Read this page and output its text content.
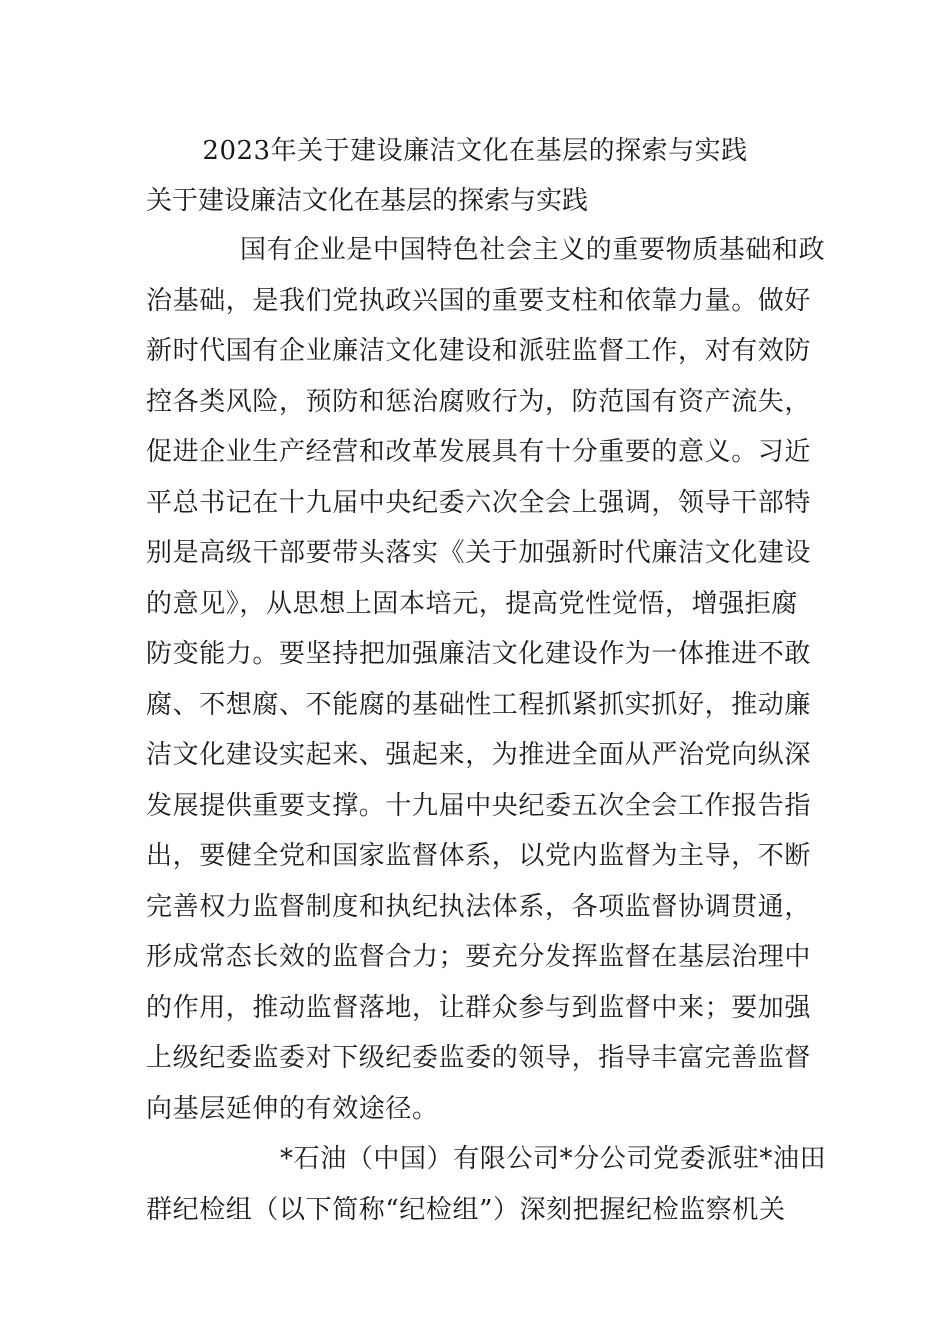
2023年关于建设廉洁文化在基层的探索与实践
关于建设廉洁文化在基层的探索与实践
国有企业是中国特色社会主义的重要物质基础和政
治基础，是我们党执政兴国的重要支柱和依靠力量。做好
新时代国有企业廉洁文化建设和派驻监督工作，对有效防
控各类风险，预防和惩治腐败行为，防范国有资产流失，
促进企业生产经营和改革发展具有十分重要的意义。习近
平总书记在十九届中央纪委六次全会上强调，领导干部特
别是高级干部要带头落实《关于加强新时代廉洁文化建设
的意见》，从思想上固本培元，提高党性觉悟，增强拒腐
防变能力。要坚持把加强廉洁文化建设作为一体推进不敢
腐、不想腐、不能腐的基础性工程抓紧抓实抓好，推动廉
洁文化建设实起来、强起来，为推进全面从严治党向纵深
发展提供重要支撑。十九届中央纪委五次全会工作报告指
出，要健全党和国家监督体系，以党内监督为主导，不断
完善权力监督制度和执纪执法体系，各项监督协调贯通，
形成常态长效的监督合力；要充分发挥监督在基层治理中
的作用，推动监督落地，让群众参与到监督中来；要加强
上级纪委监委对下级纪委监委的领导，指导丰富完善监督
向基层延伸的有效途径。
*石油（中国）有限公司*分公司党委派驻*油田
群纪检组（以下简称“纪检组”）深刻把握纪检监察机关
